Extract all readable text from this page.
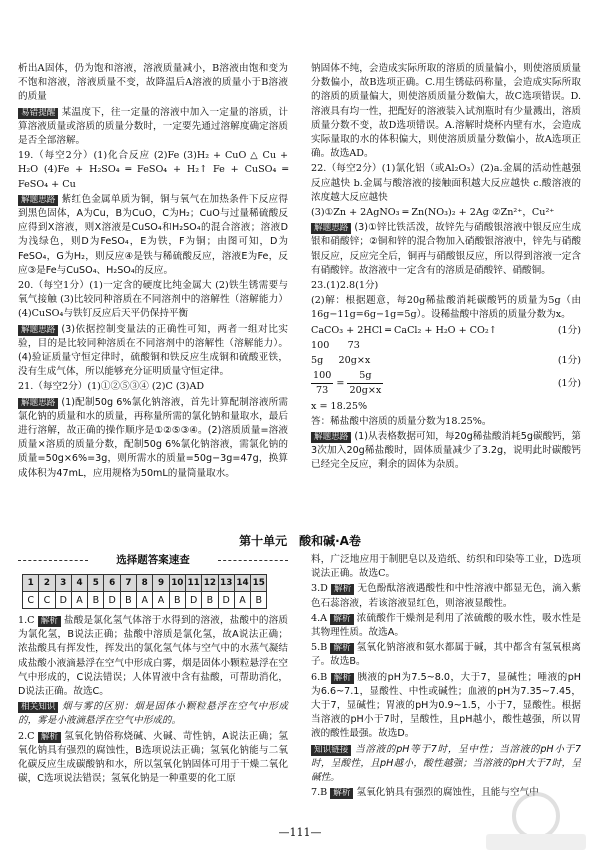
析出A固体，仍为饱和溶液，溶液质量减小，B溶液由饱和变为不饱和溶液，溶液质量不变，故降温后A溶液的质量小于B溶液的质量

易错提醒 某温度下，往一定量的溶液中加入一定量的溶质，计算溶液质量或溶质的质量分数时，一定要先通过溶解度确定溶质是否全部溶解。

19.（每空2分）(1)化合反应 (2)Fe (3)H₂ + CuO △ Cu + H₂O (4)Fe + H₂SO₄ ═ FeSO₄ + H₂↑ Fe + CuSO₄ ═ FeSO₄ + Cu

解题思路 紫红色金属单质为铜，铜与氧气在加热条件下反应得到黑色固体，A为Cu，B为CuO，C为H₂；CuO与过量稀硫酸反应得到X溶液，则X溶液是CuSO₄和H₂SO₄的混合溶液；溶液D为浅绿色，则D为FeSO₄，E为铁，F为铜；由图可知，D为FeSO₄，G为H₂，则反应④是铁与稀硫酸反应，溶液E为Fe，反应③是Fe与CuSO₄、H₂SO₄的反应。

20.（每空1分）(1)一定含的硬度比纯金属大 (2)铁生锈需要与氧气接触 (3)比较同种溶质在不同溶剂中的溶解性（溶解能力）(4)CuSO₄与铁钉反应后天平仍保持平衡

解题思路 (3)依据控制变量法的正确性可知，两者一组对比实验，目的是比较同种溶质在不同溶剂中的溶解性（溶解能力）。(4)验证质量守恒定律时，硫酸铜和铁反应生成铜和硫酸亚铁，没有生成气体，所以能够充分证明质量守恒定律。

21.（每空2分）(1)①②⑤③④ (2)C (3)AD

解题思路 (1)配制50g 6%氯化钠溶液，首先计算配制溶液所需氯化钠的质量和水的质量，再称量所需的氯化钠和量取水，最后进行溶解，故正确的操作顺序是①②⑤③④。(2)溶质质量=溶液质量×溶质的质量分数，配制50g 6%氯化钠溶液，需氯化钠的质量=50g×6%=3g，则所需水的质量=50g−3g=47g，换算成体积为47mL，应用规格为50mL的量筒量取水。

钠固体不纯，会造成实际所取的溶质的质量偏小，则使溶质质量分数偏小，故B选项正确。C.用生锈砝码称量，会造成实际所取的溶质的质量偏大，则使溶质质量分数偏大，故C选项错误。D.溶液具有均一性，把配好的溶液装入试剂瓶时有少量溅出，溶质质量分数不变，故D选项错误。A.溶解时烧杯内壁有水，会造成实际量取的水的体积偏大，则使溶质质量分数偏小，故A选项正确。故选AD。

22.（每空2分）(1)氯化铝（或Al₂O₃）(2)a.金属的活动性越强反应越快 b.金属与酸溶液的接触面积越大反应越快 c.酸溶液的浓度越大反应越快

(3)①Zn + 2AgNO₃ ═ Zn(NO₃)₂ + 2Ag ②Zn²⁺，Cu²⁺

解题思路 (3)①锌比铁活泼，故锌先与硝酸银溶液中银反应生成银和硝酸锌；②铜和锌的混合物加入硝酸银溶液中，锌先与硝酸银反应，反应完全后，铜再与硝酸银反应，所以得到溶液一定含有硝酸锌。故溶液中一定含有的溶质是硝酸锌、硝酸铜。

23.(1)2.8(1分)

(2)解：根据题意，每20g稀盐酸消耗碳酸钙的质量为5g（由16g−11g=6g−1g=5g）。设稀盐酸中溶质的质量分数为x。

CaCO₃ + 2HCl ═ CaCl₂ + H₂O + CO₂↑	(1分)
100      73
5g     20g×x	(1分)
$\frac{100}{73} = \frac{5g}{20g\times x}$	(1分)

x = 18.25%

答：稀盐酸中溶质的质量分数为18.25%。

解题思路 (1)从表格数据可知，每20g稀盐酸消耗5g碳酸钙，第3次加入20g稀盐酸时，固体质量减少了3.2g，说明此时碳酸钙已经完全反应，剩余的固体为杂质。

第十单元　酸和碱·A卷
选择题答案速查
1	2	3	4	5	6	7	8	9	10	11	12	13	14	15
C	C	D	A	B	D	B	A	A	B	D	B	D	A	B

1.C 解析 盐酸是氯化氢气体溶于水得到的溶液，盐酸中的溶质为氯化氢，B说法正确；盐酸中溶质是氯化氢，故A说法正确；浓盐酸具有挥发性，挥发出的氯化氢气体与空气中的水蒸气凝结成盐酸小液滴悬浮在空气中形成白雾，烟是固体小颗粒悬浮在空气中形成的，C说法错误；人体胃液中含有盐酸，可帮助消化，D说法正确。故选C。

相关知识 烟与雾的区别：烟是固体小颗粒悬浮在空气中形成的，雾是小液滴悬浮在空气中形成的。

2.C 解析 氢氧化钠俗称烧碱、火碱、苛性钠，A说法正确；氢氧化钠具有强烈的腐蚀性，B选项说法正确；氢氧化钠能与二氧化碳反应生成碳酸钠和水，所以氢氧化钠固体可用于干燥二氧化碳，C选项说法错误；氢氧化钠是一种重要的化工原

料，广泛地应用于制肥皂以及造纸、纺织和印染等工业，D选项说法正确。故选C。

3.D 解析 无色酚酞溶液遇酸性和中性溶液中都显无色，滴入紫色石蕊溶液，若该溶液显红色，则溶液显酸性。

4.A 解析 浓硫酸作干燥剂是利用了浓硫酸的吸水性，吸水性是其物理性质。故选A。

5.B 解析 氢氧化钠溶液和氨水都属于碱，其中都含有氢氧根离子。故选B。

6.B 解析 胰液的pH为7.5~8.0，大于7，显碱性；唾液的pH为6.6~7.1，显酸性、中性或碱性；血液的pH为7.35~7.45，大于7，显碱性；胃液的pH为0.9~1.5，小于7，显酸性。根据当溶液的pH小于7时，呈酸性，且pH越小，酸性越强，所以胃液的酸性最强。故选D。

知识链接 当溶液的pH等于7时，呈中性；当溶液的pH小于7时，呈酸性，且pH越小，酸性越强；当溶液的pH大于7时，呈碱性。

7.B 解析 氢氧化钠具有强烈的腐蚀性，且能与空气中

—111—
